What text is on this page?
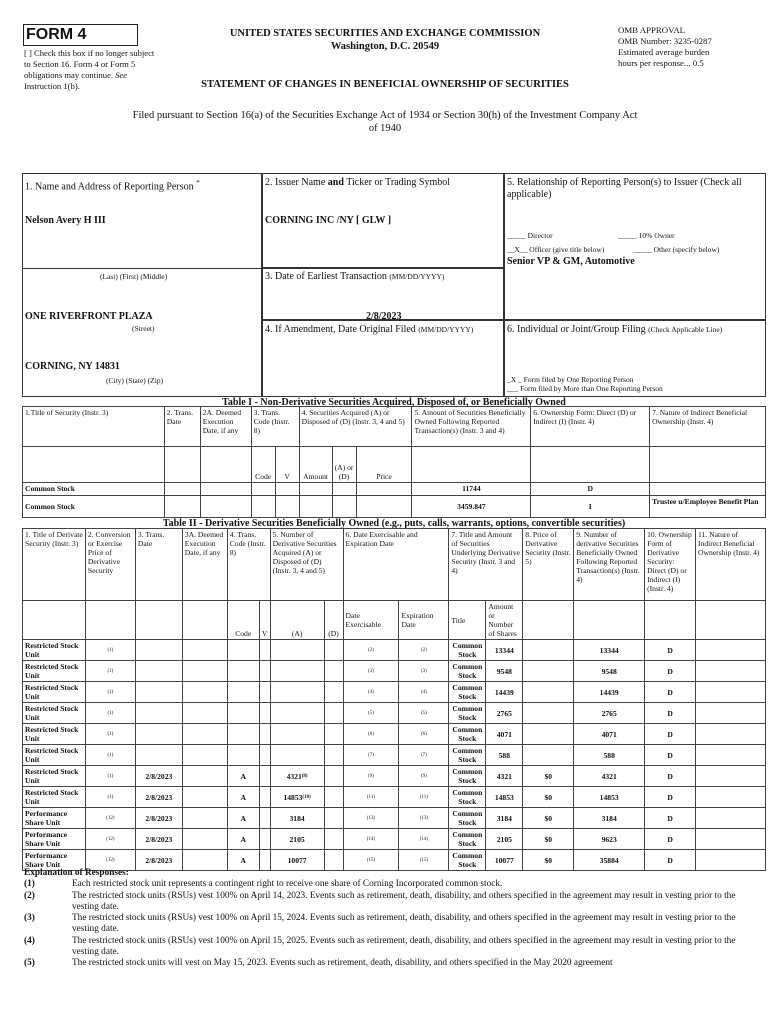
FORM 4
[ ] Check this box if no longer subject to Section 16. Form 4 or Form 5 obligations may continue. See Instruction 1(b).
UNITED STATES SECURITIES AND EXCHANGE COMMISSION
Washington, D.C. 20549
OMB APPROVAL
OMB Number: 3235-0287
Estimated average burden
hours per response... 0.5
STATEMENT OF CHANGES IN BENEFICIAL OWNERSHIP OF SECURITIES
Filed pursuant to Section 16(a) of the Securities Exchange Act of 1934 or Section 30(h) of the Investment Company Act of 1940
1. Name and Address of Reporting Person *
Nelson Avery H III
(Last) (First) (Middle)
ONE RIVERFRONT PLAZA
(Street)
CORNING, NY 14831
(City) (State) (Zip)
2. Issuer Name and Ticker or Trading Symbol
CORNING INC /NY [ GLW ]
3. Date of Earliest Transaction (MM/DD/YYYY)
2/8/2023
4. If Amendment, Date Original Filed (MM/DD/YYYY)
5. Relationship of Reporting Person(s) to Issuer (Check all applicable)
_____ Director	_____ 10% Owner
__X__ Officer (give title below)	_____ Other (specify below)
Senior VP & GM, Automotive
6. Individual or Joint/Group Filing (Check Applicable Line)
_X _ Form filed by One Reporting Person
___ Form filed by More than One Reporting Person
Table I - Non-Derivative Securities Acquired, Disposed of, or Beneficially Owned
1.Title of Security (Instr. 3)	2. Trans. Date	2A. Deemed Execution Date, if any	3. Trans. Code (Instr. 8)		4. Securities Acquired (A) or Disposed of (D) (Instr. 3, 4 and 5)			5. Amount of Securities Beneficially Owned Following Reported Transaction(s) (Instr. 3 and 4)	6. Ownership Form: Direct (D) or Indirect (I) (Instr. 4)	7. Nature of Indirect Beneficial Ownership (Instr. 4)
			Code	V	Amount	(A) or (D)	Price			
Common Stock								11744	D	
Common Stock								3459.847	I	Trustee u/Employee Benefit Plan
Table II - Derivative Securities Beneficially Owned (e.g., puts, calls, warrants, options, convertible securities)
1. Title of Derivate Security (Instr. 3)	2. Conversion or Exercise Price of Derivative Security	3. Trans. Date	3A. Deemed Execution Date, if any	4. Trans. Code (Instr. 8)		5. Number of Derivative Securities Acquired (A) or Disposed of (D) (Instr. 3, 4 and 5)		6. Date Exercisable and Expiration Date		7. Title and Amount of Securities Underlying Derivative Security (Instr. 3 and 4)		8. Price of Derivative Security (Instr. 5)	9. Number of derivative Securities Beneficially Owned Following Reported Transaction(s) (Instr. 4)	10. Ownership Form of Derivative Security: Direct (D) or Indirect (I) (Instr. 4)	11. Nature of Indirect Beneficial Ownership (Instr. 4)
				Code	V	(A)	(D)	Date Exercisable	Expiration Date	Title	Amount or Number of Shares				
Restricted Stock Unit	$^{(1)}$							$^{(2)}$	$^{(2)}$	Common Stock	13344		13344	D	
Restricted Stock Unit	$^{(1)}$							$^{(3)}$	$^{(3)}$	Common Stock	9548		9548	D	
Restricted Stock Unit	$^{(1)}$							$^{(4)}$	$^{(4)}$	Common Stock	14439		14439	D	
Restricted Stock Unit	$^{(1)}$							$^{(5)}$	$^{(5)}$	Common Stock	2765		2765	D	
Restricted Stock Unit	$^{(1)}$							$^{(6)}$	$^{(6)}$	Common Stock	4071		4071	D	
Restricted Stock Unit	$^{(1)}$							$^{(7)}$	$^{(7)}$	Common Stock	588		588	D	
Restricted Stock Unit	$^{(1)}$	2/8/2023		A		4321$^{(8)}$		$^{(9)}$	$^{(9)}$	Common Stock	4321	$0	4321	D	
Restricted Stock Unit	$^{(1)}$	2/8/2023		A		14853$^{(10)}$		$^{(11)}$	$^{(11)}$	Common Stock	14853	$0	14853	D	
Performance Share Unit	$^{(12)}$	2/8/2023		A		3184		$^{(13)}$	$^{(13)}$	Common Stock	3184	$0	3184	D	
Performance Share Unit	$^{(12)}$	2/8/2023		A		2105		$^{(14)}$	$^{(14)}$	Common Stock	2105	$0	9623	D	
Performance Share Unit	$^{(12)}$	2/8/2023		A		10077		$^{(15)}$	$^{(15)}$	Common Stock	10077	$0	35884	D	
Explanation of Responses:
(1)	Each restricted stock unit represents a contingent right to receive one share of Corning Incorporated common stock.
(2)	The restricted stock units (RSUs) vest 100% on April 14, 2023. Events such as retirement, death, disability, and others specified in the agreement may result in vesting prior to the vesting date.
(3)	The restricted stock units (RSUs) vest 100% on April 15, 2024. Events such as retirement, death, disability, and others specified in the agreement may result in vesting prior to the vesting date.
(4)	The restricted stock units (RSUs) vest 100% on April 15, 2025. Events such as retirement, death, disability, and others specified in the agreement may result in vesting prior to the vesting date.
(5)	The restricted stock units will vest on May 15, 2023. Events such as retirement, death, disability, and others specified in the May 2020 agreement
